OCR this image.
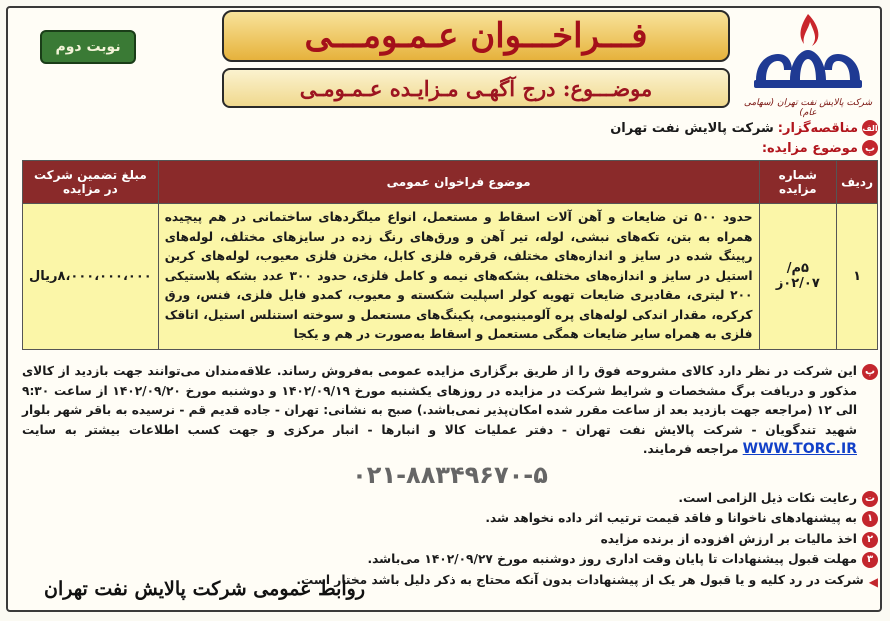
شرکت پالایش نفت تهران (سهامی عام)
فـــراخـــوان عـمـومـــی
موضـــوع: درج آگهـی مـزایـده عـمـومـی
نوبت دوم
الف
مناقصه‌گزار:
شرکت پالایش نفت تهران
ب
موضوع مزایده:
ردیف	شماره مزایده	موضوع فراخوان عمومی	مبلغ تضمین شرکت در مزایده
۱	۵م/۰۲/۰۷ز	حدود ۵۰۰ تن ضایعات و آهن آلات اسقاط و مستعمل، انواع میلگردهای ساختمانی در هم پیچیده همراه به بتن، تکه‌های نبشی، لوله، تیر آهن و ورق‌های رنگ زده در سایزهای مختلف، لوله‌های رپینگ شده در سایز و اندازه‌های مختلف، قرقره فلزی کابل، مخزن فلزی معیوب، لوله‌های کربن استیل در سایز و اندازه‌های مختلف، بشکه‌های نیمه و کامل فلزی، حدود ۳۰۰ عدد بشکه پلاستیکی ۲۰۰ لیتری، مقادیری ضایعات تهویه کولر اسپلیت شکسته و معیوب، کمدو فایل فلزی، فنس، ورق کرکره، مقدار اندکی لوله‌های پره آلومینیومی، پکینگ‌های مستعمل و سوخته استنلس استیل، اتاقک فلزی به همراه سایر ضایعات همگی مستعمل و اسقاط به‌صورت در هم و یکجا	۸،۰۰۰،۰۰۰،۰۰۰ریال
پ
این شرکت در نظر دارد کالای مشروحه فوق را از طریق برگزاری مزایده عمومی به‌فروش رساند. علاقه‌مندان می‌توانند جهت بازدید از کالای مذکور و دریافت برگ مشخصات و شرایط شرکت در مزایده در روزهای یکشنبه مورخ ۱۴۰۲/۰۹/۱۹ و دوشنبه مورخ ۱۴۰۲/۰۹/۲۰ از ساعت ۹:۳۰ الی ۱۲ (مراجعه جهت بازدید بعد از ساعت مقرر شده امکان‌پذیر نمی‌باشد.) صبح به نشانی: تهران - جاده قدیم قم - نرسیده به باقر شهر بلوار شهید تندگویان - شرکت پالایش نفت تهران - دفتر عملیات کالا و انبارها - انبار مرکزی و جهت کسب اطلاعات بیشتر به سایت WWW.TORC.IR مراجعه فرمایند.
۰۲۱-۸۸۳۴۹۶۷۰-۵
ت
رعایت نکات ذیل الزامی است.
۱
به پیشنهادهای ناخوانا و فاقد قیمت ترتیب اثر داده نخواهد شد.
۲
اخذ مالیات بر ارزش افزوده از برنده مزایده
۳
مهلت قبول پیشنهادات تا پایان وقت اداری روز دوشنبه مورخ ۱۴۰۲/۰۹/۲۷ می‌باشد.
◀
شرکت در رد کلیه و یا قبول هر یک از پیشنهادات بدون آنکه محتاج به ذکر دلیل باشد مختار است.
روابط عمومی شرکت پالایش نفت تهران
